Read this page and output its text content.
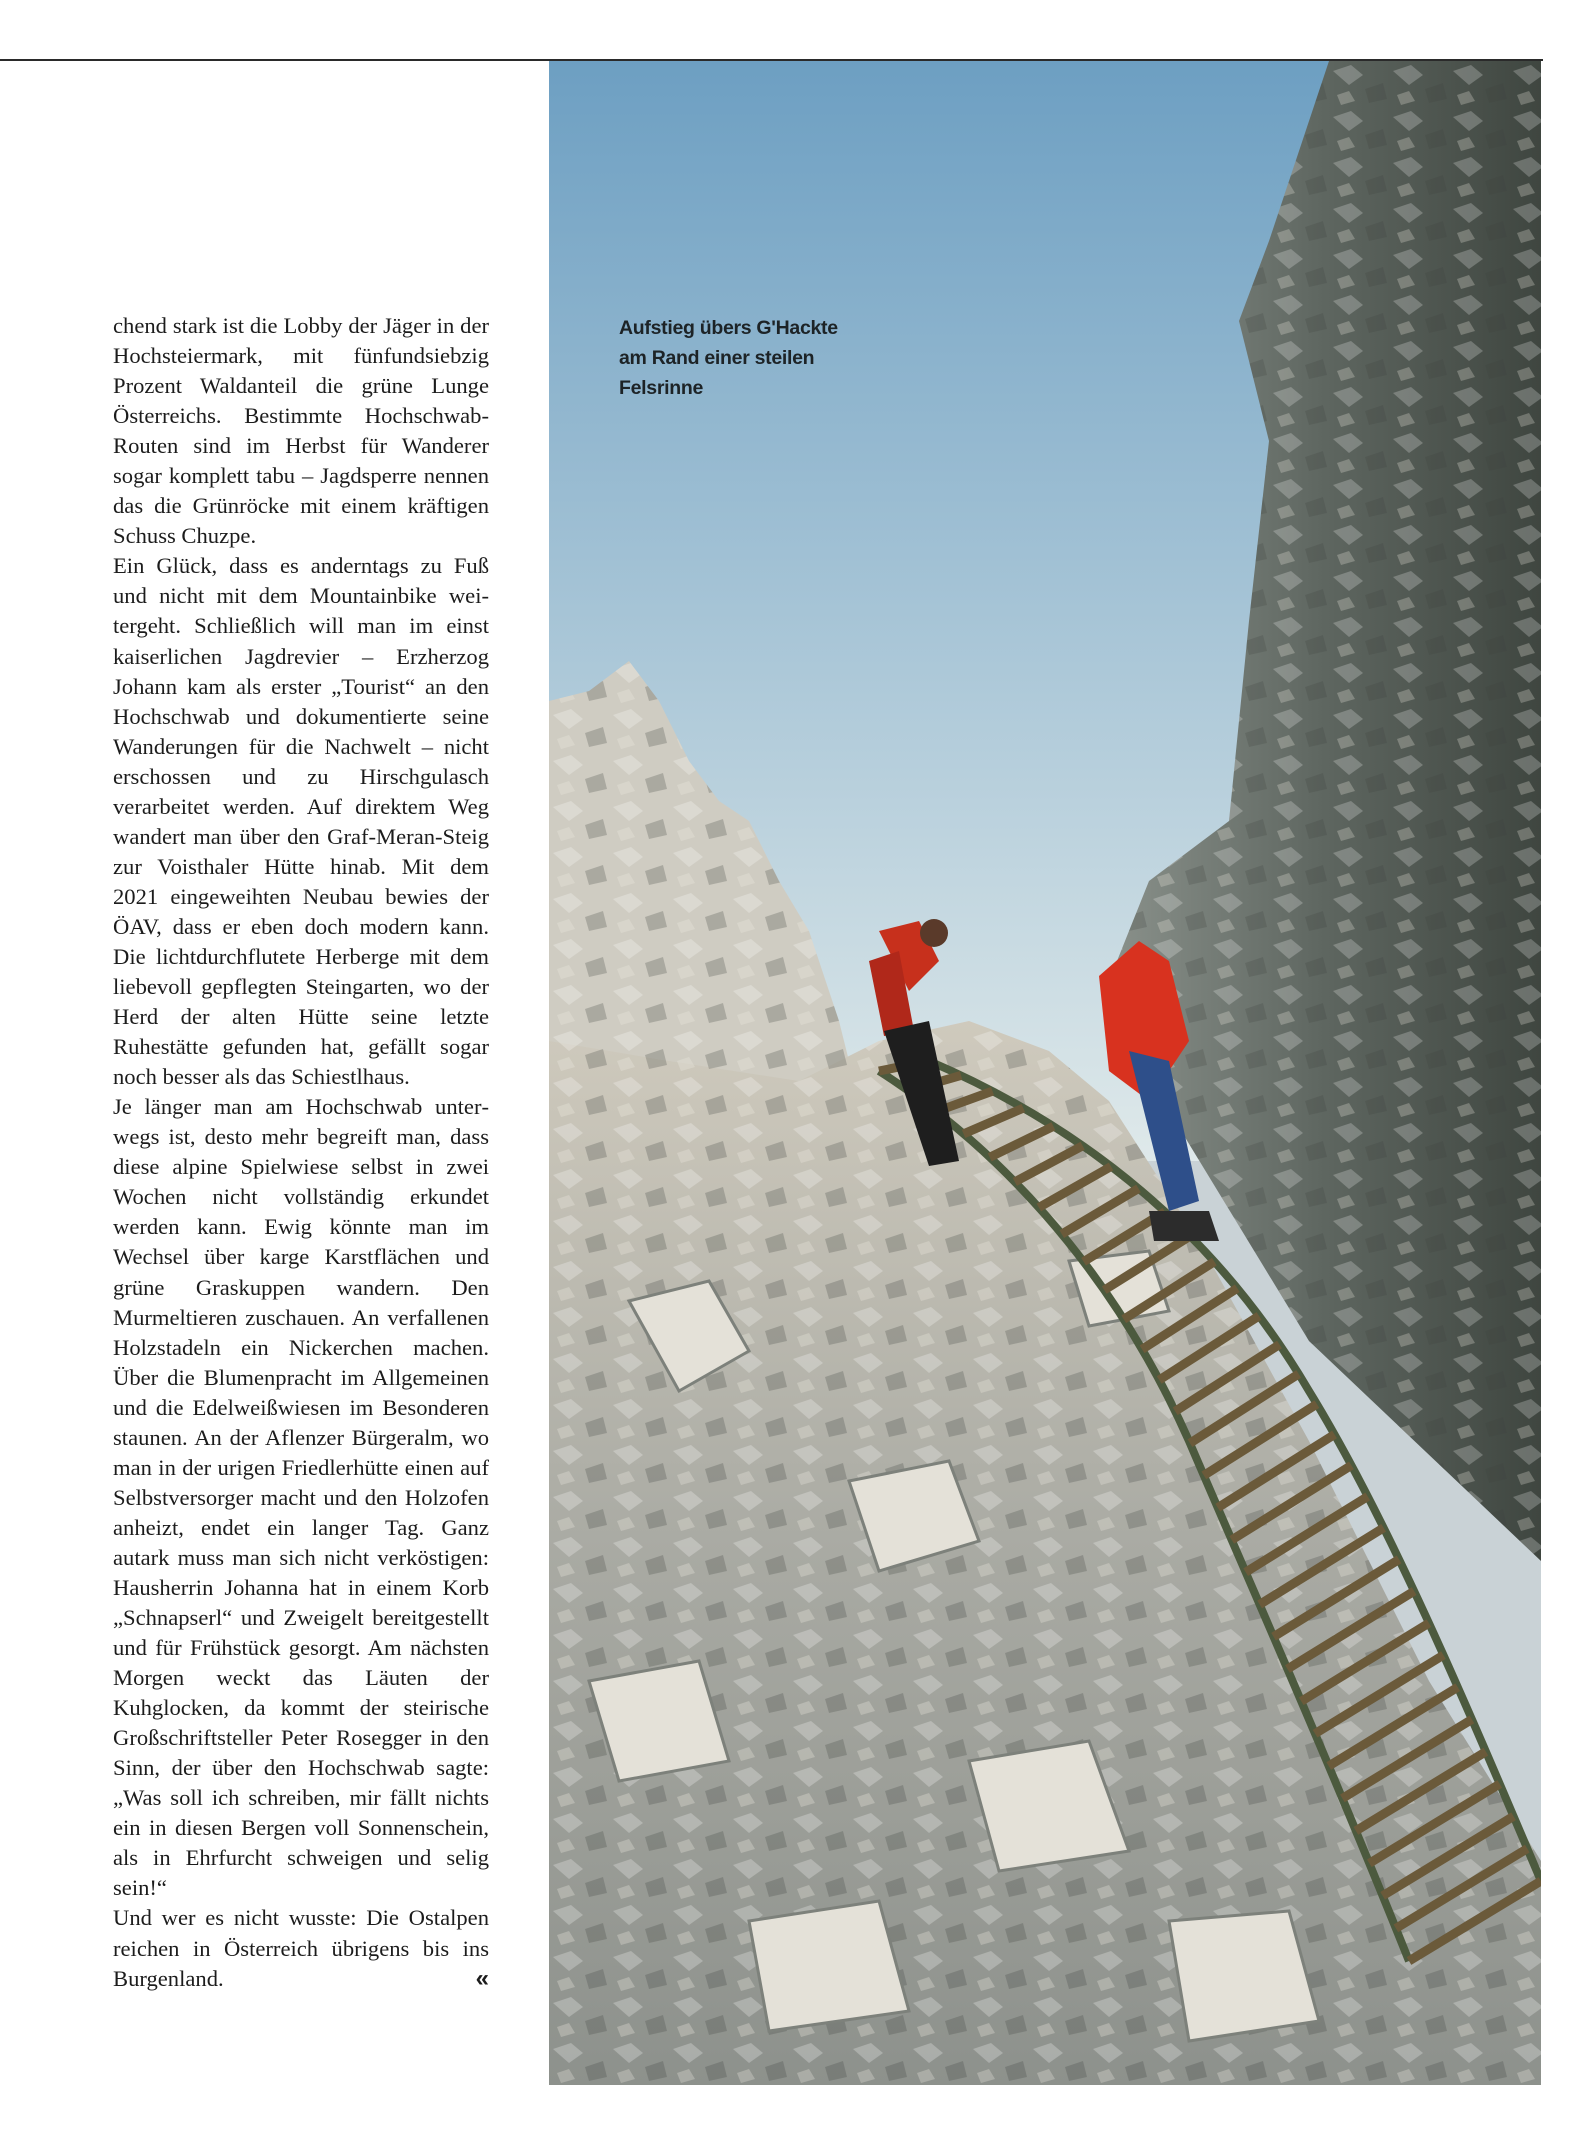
chend stark ist die Lobby der Jäger in der Hochsteiermark, mit fünfundsiebzig Prozent Waldanteil die grüne Lunge Österreichs. Bestimmte Hochschwab-Routen sind im Herbst für Wanderer sogar komplett tabu – Jagdsperre nennen das die Grünröcke mit einem kräftigen Schuss Chuzpe.

Ein Glück, dass es anderntags zu Fuß und nicht mit dem Mountainbike weitergeht. Schließlich will man im einst kaiserlichen Jagdrevier – Erzherzog Johann kam als erster „Tourist“ an den Hochschwab und dokumentierte seine Wanderungen für die Nachwelt – nicht erschossen und zu Hirschgulasch verarbeitet werden. Auf direktem Weg wandert man über den Graf-Meran-Steig zur Voisthaler Hütte hinab. Mit dem 2021 eingeweihten Neubau bewies der ÖAV, dass er eben doch modern kann. Die lichtdurchflutete Herberge mit dem liebevoll gepflegten Steingarten, wo der Herd der alten Hütte seine letzte Ruhestätte gefunden hat, gefällt sogar noch besser als das Schiestlhaus.

Je länger man am Hochschwab unterwegs ist, desto mehr begreift man, dass diese alpine Spielwiese selbst in zwei Wochen nicht vollständig erkundet werden kann. Ewig könnte man im Wechsel über karge Karstflächen und grüne Graskuppen wandern. Den Murmeltieren zuschauen. An verfallenen Holzstadeln ein Nickerchen machen. Über die Blumenpracht im Allgemeinen und die Edelweißwiesen im Besonderen staunen. An der Aflenzer Bürgeralm, wo man in der urigen Friedlerhütte einen auf Selbstversorger macht und den Holzofen anheizt, endet ein langer Tag. Ganz autark muss man sich nicht verköstigen: Hausherrin Johanna hat in einem Korb „Schnapserl“ und Zweigelt bereitgestellt und für Frühstück gesorgt. Am nächsten Morgen weckt das Läuten der Kuhglocken, da kommt der steirische Großschriftsteller Peter Rosegger in den Sinn, der über den Hochschwab sagte: „Was soll ich schreiben, mir fällt nichts ein in diesen Bergen voll Sonnenschein, als in Ehrfurcht schweigen und selig sein!“

Und wer es nicht wusste: Die Ostalpen reichen in Österreich übrigens bis ins Burgenland.	«

Aufstieg übers G'Hackte am Rand einer steilen Felsrinne
